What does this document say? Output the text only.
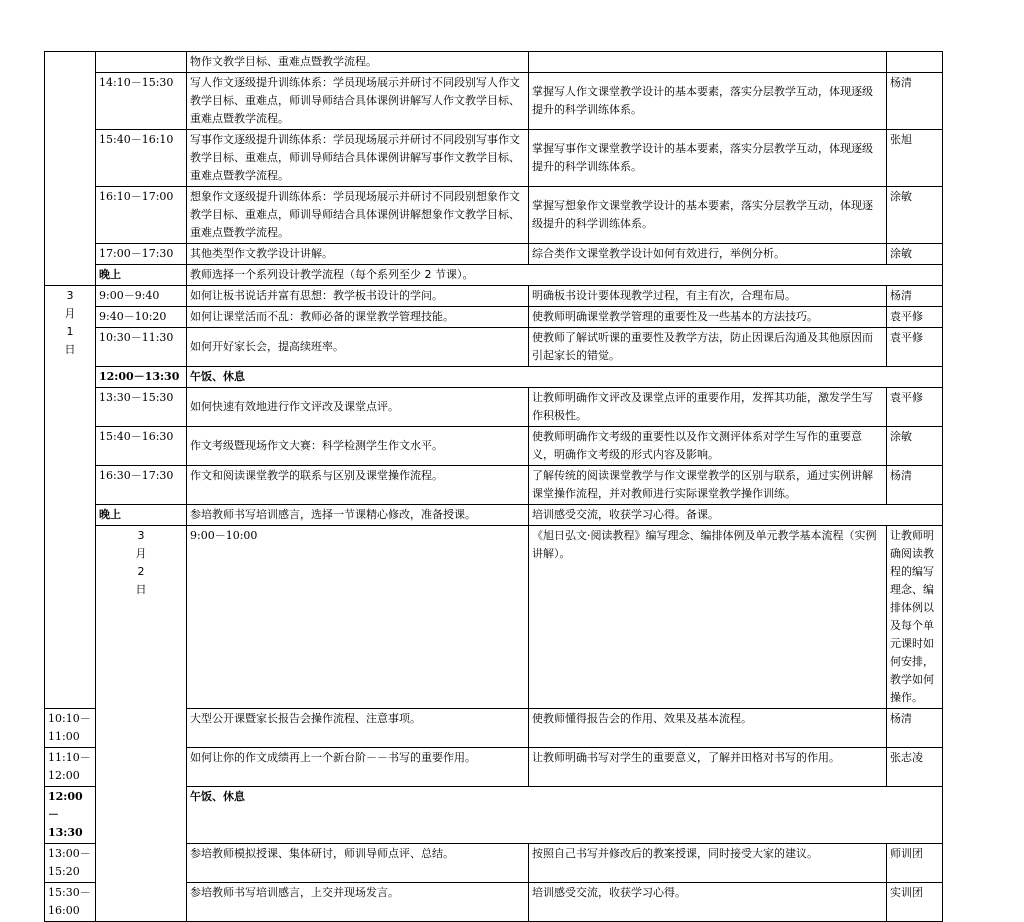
		物作文教学目标、重难点暨教学流程。			
	14:10－15:30	写人作文逐级提升训练体系：学员现场展示并研讨不同段别写人作文教学目标、重难点，师训导师结合具体课例讲解写人作文教学目标、重难点暨教学流程。	掌握写人作文课堂教学设计的基本要素，落实分层教学互动，体现逐级提升的科学训练体系。	杨清	
	15:40－16:10	写事作文逐级提升训练体系：学员现场展示并研讨不同段别写事作文教学目标、重难点，师训导师结合具体课例讲解写事作文教学目标、重难点暨教学流程。	掌握写事作文课堂教学设计的基本要素，落实分层教学互动，体现逐级提升的科学训练体系。	张旭	
	16:10－17:00	想象作文逐级提升训练体系：学员现场展示并研讨不同段别想象作文教学目标、重难点，师训导师结合具体课例讲解想象作文教学目标、重难点暨教学流程。	掌握写想象作文课堂教学设计的基本要素，落实分层教学互动，体现逐级提升的科学训练体系。	涂敏	
	17:00－17:30	其他类型作文教学设计讲解。	综合类作文课堂教学设计如何有效进行，举例分析。	涂敏	
	晚上	教师选择一个系列设计教学流程（每个系列至少 2 节课）。			
3
月
1
日	9:00－9:40	如何让板书说话并富有思想：教学板书设计的学问。	明确板书设计要体现教学过程，有主有次，合理布局。	杨清	
	9:40－10:20	如何让课堂活而不乱：教师必备的课堂教学管理技能。	使教师明确课堂教学管理的重要性及一些基本的方法技巧。	袁平修	
	10:30－11:30	如何开好家长会，提高续班率。	使教师了解试听课的重要性及教学方法，防止因课后沟通及其他原因而引起家长的错觉。	袁平修	
	12:00－13:30	午饭、休息			
	13:30－15:30	如何快速有效地进行作文评改及课堂点评。	让教师明确作文评改及课堂点评的重要作用，发挥其功能，激发学生写作积极性。	袁平修	
	15:40－16:30	作文考级暨现场作文大赛：科学检测学生作文水平。	使教师明确作文考级的重要性以及作文测评体系对学生写作的重要意义，明确作文考级的形式内容及影响。	涂敏	
	16:30－17:30	作文和阅读课堂教学的联系与区别及课堂操作流程。	了解传统的阅读课堂教学与作文课堂教学的区别与联系，通过实例讲解课堂操作流程，并对教师进行实际课堂教学操作训练。	杨清	
	晚上	参培教师书写培训感言，选择一节课精心修改，准备授课。	培训感受交流，收获学习心得。备课。		
	3
月
2
日	9:00－10:00	《旭日弘文·阅读教程》编写理念、编排体例及单元教学基本流程（实例讲解）。	让教师明确阅读教程的编写理念、编排体例以及每个单元课时如何安排，教学如何操作。	
10:10－11:00		大型公开课暨家长报告会操作流程、注意事项。	使教师懂得报告会的作用、效果及基本流程。	杨清	
11:10－12:00		如何让你的作文成绩再上一个新台阶－－书写的重要作用。	让教师明确书写对学生的重要意义，了解并田格对书写的作用。	张志凌	
12:00－13:30		午饭、休息			
13:00－15:20		参培教师模拟授课、集体研讨，师训导师点评、总结。	按照自己书写并修改后的教案授课，同时接受大家的建议。	师训团	
15:30－16:00		参培教师书写培训感言，上交并现场发言。	培训感受交流，收获学习心得。	实训团	
